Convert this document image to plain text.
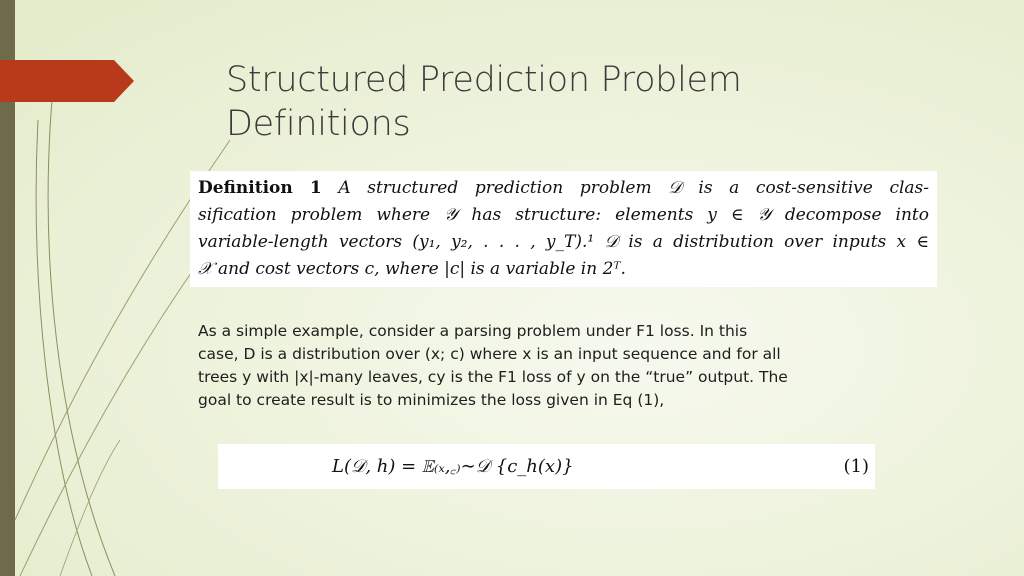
Structured Prediction Problem
Definitions
Definition 1 A structured prediction problem 𝒟 is a cost-sensitive clas-
sification problem where 𝒴 has structure: elements y ∈ 𝒴 decompose into
variable-length vectors (y₁, y₂, . . . , y_T).¹ 𝒟 is a distribution over inputs x ∈
𝒳 and cost vectors c, where |c| is a variable in 2ᵀ.

As a simple example, consider a parsing problem under F1 loss. In this
case, D is a distribution over (x; c) where x is an input sequence and for all
trees y with |x|-many leaves, cy is the F1 loss of y on the “true” output. The
goal to create result is to minimizes the loss given in Eq (1),

L(𝒟, h) = 𝔼₍ₓ,꜀₎∼𝒟 {c_h(x)}	(1)
